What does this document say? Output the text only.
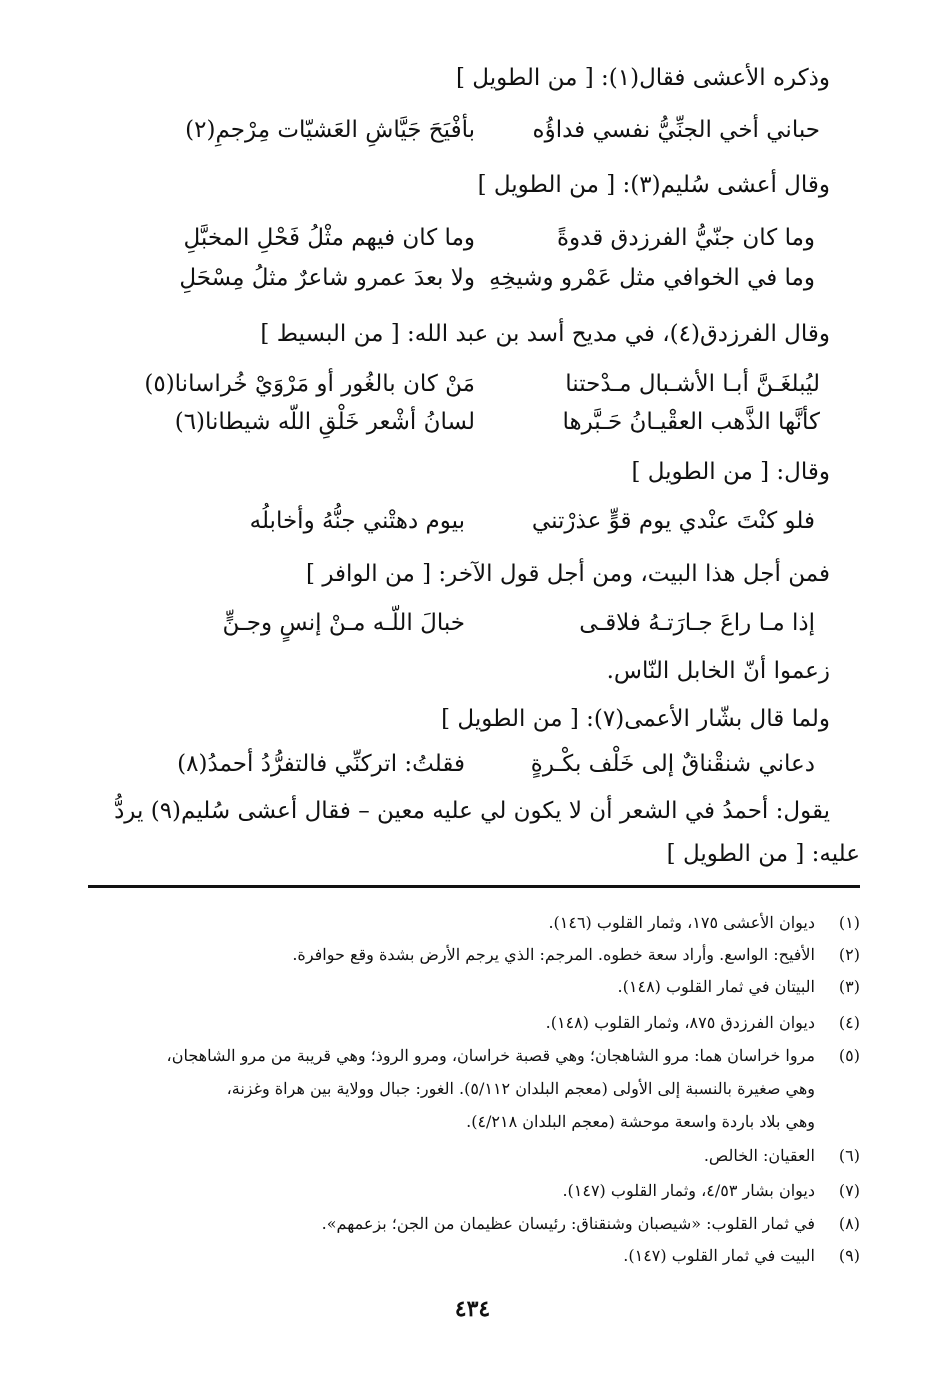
وذكره الأعشى فقال(١): [ من الطويل ]
حباني أخي الجنِّيُّ نفسي فداؤُه
بأفْيَحَ جَيَّاشِ العَشيّات مِرْجمِ(٢)
وقال أعشى سُليم(٣): [ من الطويل ]
وما كان جنّيُّ الفرزدق قدوةً
وما كان فيهم مثْلُ فَحْلِ المخبَّلِ
وما في الخوافي مثل عَمْرو وشيخِهِ
ولا بعدَ عمرو شاعرٌ مثلُ مِسْحَلِ
وقال الفرزدق(٤)، في مديح أسد بن عبد الله: [ من البسيط ]
ليُبلغَـنَّ أبـا الأشـبال مـدْحتنا
مَنْ كان بالغُور أو مَرْوَيْ خُراسانا(٥)
كأنَّها الذَّهب العقْيـانُ حَـبَّرها
لسانُ أشْعر خَلْقِ اللّه شيطانا(٦)
وقال: [ من الطويل ]
فلو كنْتَ عنْدي يوم قوٍّ عذرْتني
بيوم دهتْني جنُّهُ وأخابلُه
فمن أجل هذا البيت، ومن أجل قول الآخر: [ من الوافر ]
إذا مـا راعَ جـارَتـهُ فلاقـى
خبالَ اللّـه مـنْ إنسٍ وجـنٍّ
زعموا أنّ الخابل النّاس.
ولما قال بشّار الأعمى(٧): [ من الطويل ]
دعاني شنقْناقٌ إلى خَلْف بكْـرةٍ
فقلتُ: اتركنِّي فالتفرُّدُ أحمدُ(٨)
يقول: أحمدُ في الشعر أن لا يكون لي عليه معين – فقال أعشى سُليم(٩) يردُّ
عليه: [ من الطويل ]
(١)
ديوان الأعشى ١٧٥، وثمار القلوب (١٤٦).
(٢)
الأفيح: الواسع. وأراد سعة خطوه. المرجم: الذي يرجم الأرض بشدة وقع حوافرة.
(٣)
البيتان في ثمار القلوب (١٤٨).
(٤)
ديوان الفرزدق ٨٧٥، وثمار القلوب (١٤٨).
(٥)
مروا خراسان هما: مرو الشاهجان؛ وهي قصبة خراسان، ومرو الروذ؛ وهي قريبة من مرو الشاهجان،
وهي صغيرة بالنسبة إلى الأولى (معجم البلدان ٥/١١٢). الغور: جبال وولاية بين هراة وغزنة،
وهي بلاد باردة واسعة موحشة (معجم البلدان ٤/٢١٨).
(٦)
العقيان: الخالص.
(٧)
ديوان بشار ٤/٥٣، وثمار القلوب (١٤٧).
(٨)
في ثمار القلوب: «شيصبان وشنقناق: رئيسان عظيمان من الجن؛ بزعمهم».
(٩)
البيت في ثمار القلوب (١٤٧).
٤٣٤
